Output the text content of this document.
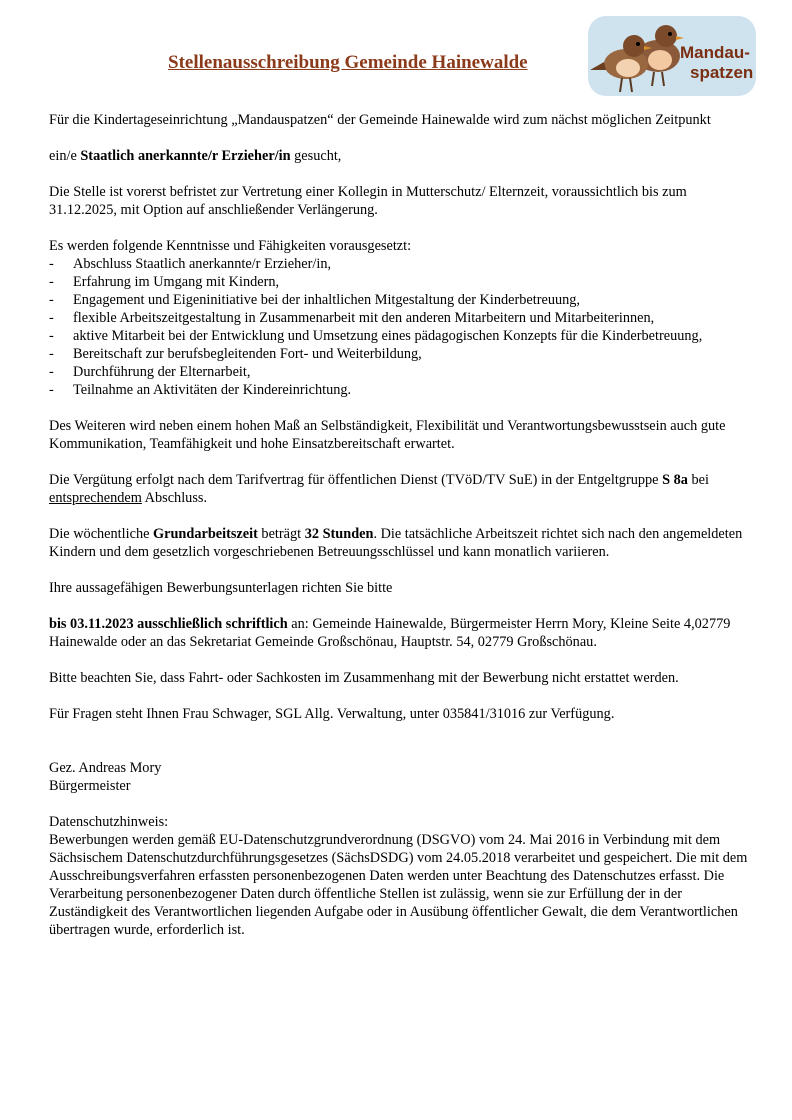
Stellenausschreibung Gemeinde Hainewalde	Mandau-
spatzen

Für die Kindertageseinrichtung „Mandauspatzen“ der Gemeinde Hainewalde wird zum nächst möglichen Zeitpunkt

ein/e Staatlich anerkannte/r Erzieher/in gesucht,

Die Stelle ist vorerst befristet zur Vertretung einer Kollegin in Mutterschutz/ Elternzeit, voraussichtlich bis zum 31.12.2025, mit Option auf anschließender Verlängerung.

Es werden folgende Kenntnisse und Fähigkeiten vorausgesetzt:

- Abschluss Staatlich anerkannte/r Erzieher/in,
- Erfahrung im Umgang mit Kindern,
- Engagement und Eigeninitiative bei der inhaltlichen Mitgestaltung der Kinderbetreuung,
- flexible Arbeitszeitgestaltung in Zusammenarbeit mit den anderen Mitarbeitern und Mitarbeiterinnen,
- aktive Mitarbeit bei der Entwicklung und Umsetzung eines pädagogischen Konzepts für die Kinderbetreuung,
- Bereitschaft zur berufsbegleitenden Fort- und Weiterbildung,
- Durchführung der Elternarbeit,
- Teilnahme an Aktivitäten der Kindereinrichtung.

Des Weiteren wird neben einem hohen Maß an Selbständigkeit, Flexibilität und Verantwortungsbewusstsein auch gute Kommunikation, Teamfähigkeit und hohe Einsatzbereitschaft erwartet.

Die Vergütung erfolgt nach dem Tarifvertrag für öffentlichen Dienst (TVöD/TV SuE) in der Entgeltgruppe S 8a bei entsprechendem Abschluss.

Die wöchentliche Grundarbeitszeit beträgt 32 Stunden. Die tatsächliche Arbeitszeit richtet sich nach den angemeldeten Kindern und dem gesetzlich vorgeschriebenen Betreuungsschlüssel und kann monatlich variieren.

Ihre aussagefähigen Bewerbungsunterlagen richten Sie bitte

bis 03.11.2023 ausschließlich schriftlich an: Gemeinde Hainewalde, Bürgermeister Herrn Mory, Kleine Seite 4,02779 Hainewalde oder an das Sekretariat Gemeinde Großschönau, Hauptstr. 54, 02779 Großschönau.

Bitte beachten Sie, dass Fahrt- oder Sachkosten im Zusammenhang mit der Bewerbung nicht erstattet werden.

Für Fragen steht Ihnen Frau Schwager, SGL Allg. Verwaltung, unter 035841/31016 zur Verfügung.

Gez. Andreas Mory
Bürgermeister

Datenschutzhinweis:

Bewerbungen werden gemäß EU-Datenschutzgrundverordnung (DSGVO) vom 24. Mai 2016 in Verbindung mit dem Sächsischem Datenschutzdurchführungsgesetzes (SächsDSDG) vom 24.05.2018 verarbeitet und gespeichert. Die mit dem Ausschreibungsverfahren erfassten personenbezogenen Daten werden unter Beachtung des Datenschutzes erfasst. Die Verarbeitung personenbezogener Daten durch öffentliche Stellen ist zulässig, wenn sie zur Erfüllung der in der Zuständigkeit des Verantwortlichen liegenden Aufgabe oder in Ausübung öffentlicher Gewalt, die dem Verantwortlichen übertragen wurde, erforderlich ist.
